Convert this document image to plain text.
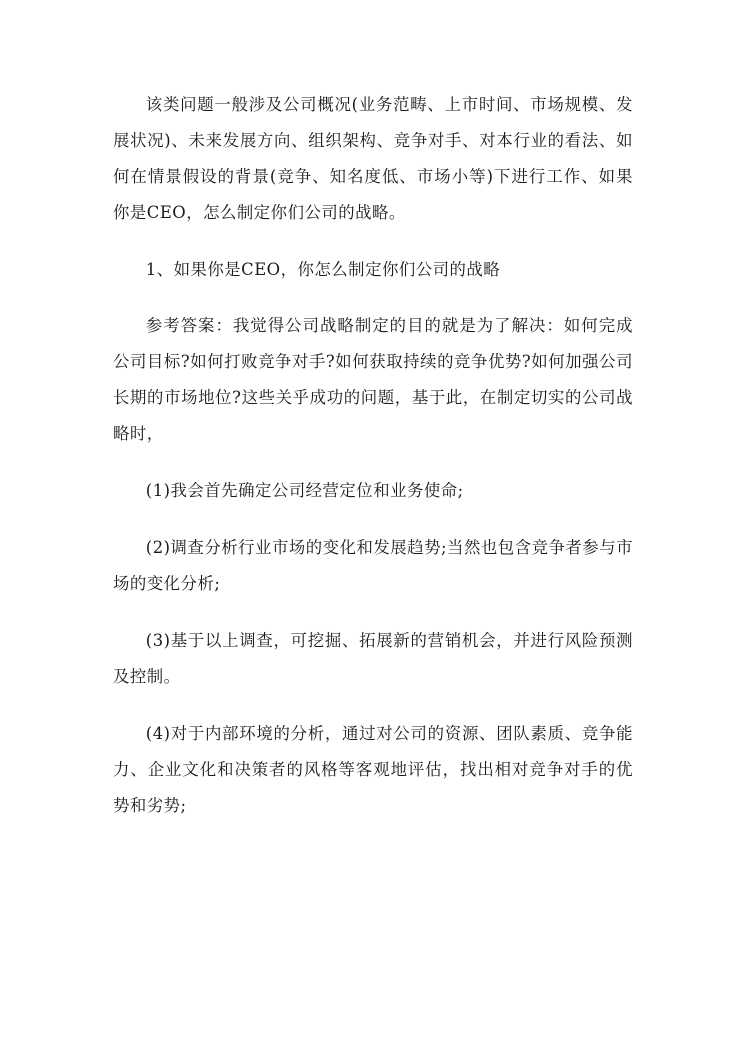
该类问题一般涉及公司概况(业务范畴、上市时间、市场规模、发展状况)、未来发展方向、组织架构、竞争对手、对本行业的看法、如何在情景假设的背景(竞争、知名度低、市场小等)下进行工作、如果你是CEO，怎么制定你们公司的战略。

1、如果你是CEO，你怎么制定你们公司的战略

参考答案：我觉得公司战略制定的目的就是为了解决：如何完成公司目标?如何打败竞争对手?如何获取持续的竞争优势?如何加强公司长期的市场地位?这些关乎成功的问题，基于此，在制定切实的公司战略时，

(1)我会首先确定公司经营定位和业务使命;

(2)调查分析行业市场的变化和发展趋势;当然也包含竞争者参与市场的变化分析;

(3)基于以上调查，可挖掘、拓展新的营销机会，并进行风险预测及控制。

(4)对于内部环境的分析，通过对公司的资源、团队素质、竞争能力、企业文化和决策者的风格等客观地评估，找出相对竞争对手的优势和劣势;
